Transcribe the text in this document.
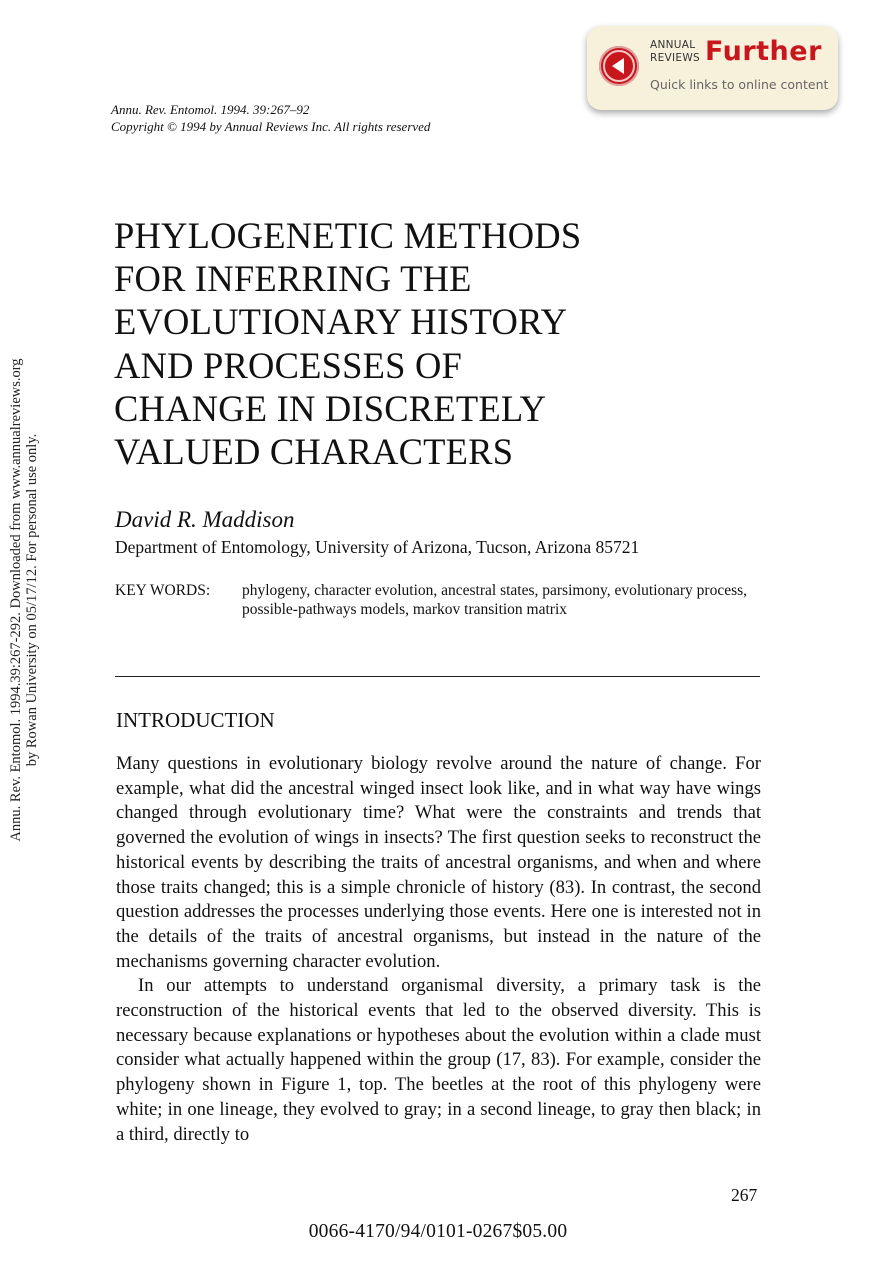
Annu. Rev. Entomol. 1994.39:267-292. Downloaded from www.annualreviews.org by Rowan University on 05/17/12. For personal use only.
ANNUAL
REVIEWS Further
Quick links to online content
Annu. Rev. Entomol. 1994. 39:267–92
Copyright © 1994 by Annual Reviews Inc. All rights reserved
PHYLOGENETIC METHODS
FOR INFERRING THE
EVOLUTIONARY HISTORY
AND PROCESSES OF
CHANGE IN DISCRETELY
VALUED CHARACTERS
David R. Maddison
Department of Entomology, University of Arizona, Tucson, Arizona 85721
KEY WORDS: phylogeny, character evolution, ancestral states, parsimony, evolutionary process, possible-pathways models, markov transition matrix
INTRODUCTION

Many questions in evolutionary biology revolve around the nature of change. For example, what did the ancestral winged insect look like, and in what way have wings changed through evolutionary time? What were the constraints and trends that governed the evolution of wings in insects? The first question seeks to reconstruct the historical events by describing the traits of ancestral organisms, and when and where those traits changed; this is a simple chronicle of history (83). In contrast, the second question addresses the processes underlying those events. Here one is interested not in the details of the traits of ancestral organisms, but instead in the nature of the mechanisms governing character evolution.

In our attempts to understand organismal diversity, a primary task is the reconstruction of the historical events that led to the observed diversity. This is necessary because explanations or hypotheses about the evolution within a clade must consider what actually happened within the group (17, 83). For example, consider the phylogeny shown in Figure 1, top. The beetles at the root of this phylogeny were white; in one lineage, they evolved to gray; in a second lineage, to gray then black; in a third, directly to

267
0066-4170/94/0101-0267$05.00
